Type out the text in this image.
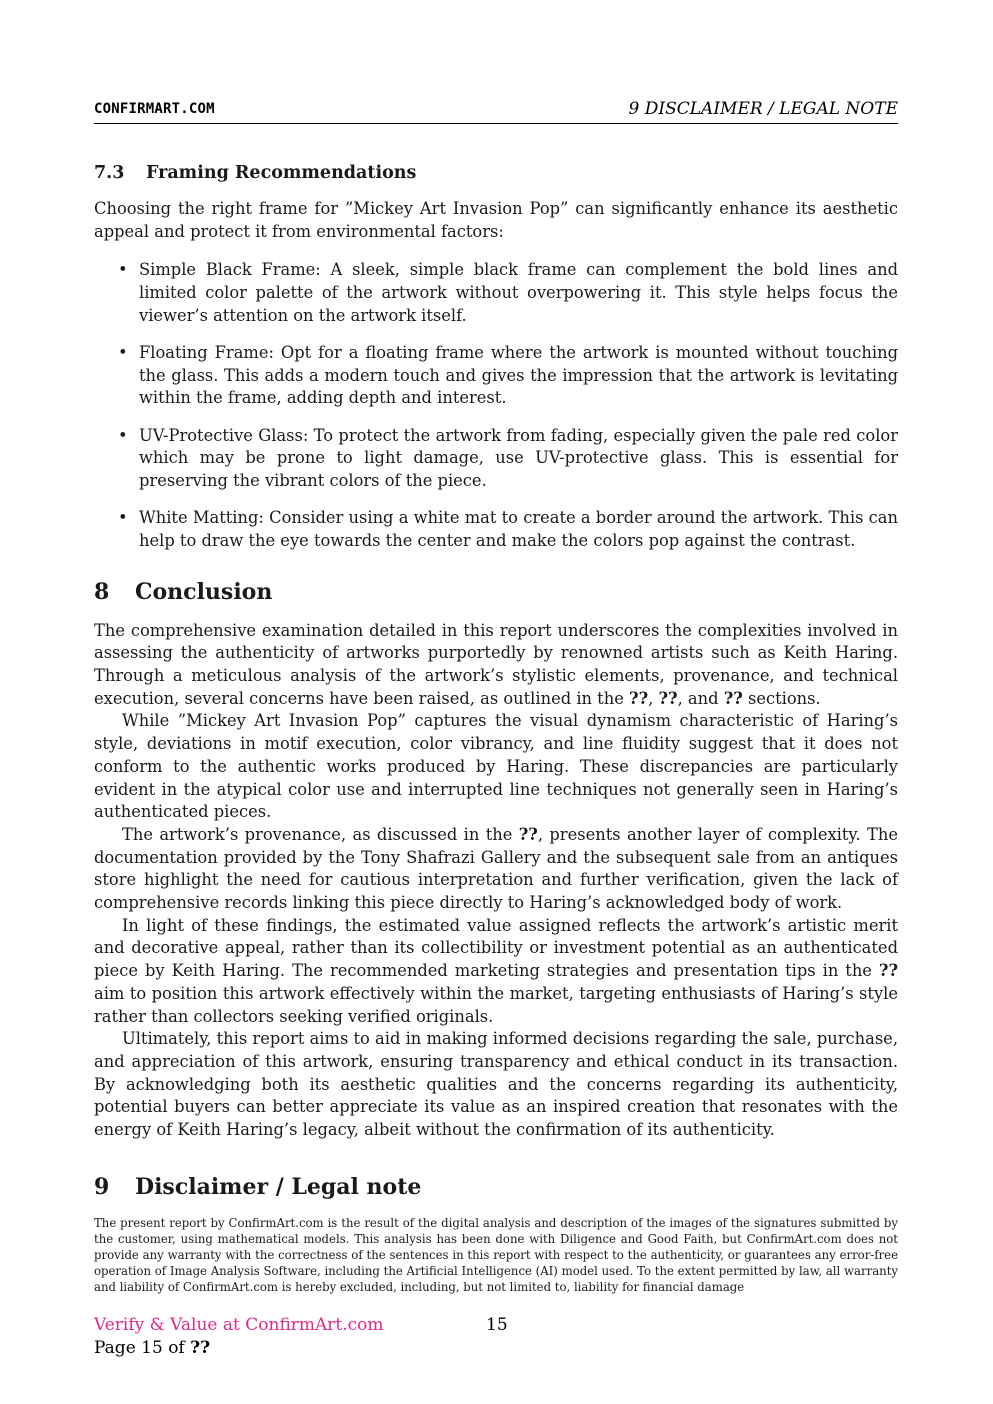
CONFIRMART.COM	9 DISCLAIMER / LEGAL NOTE
7.3 Framing Recommendations

Choosing the right frame for ”Mickey Art Invasion Pop” can significantly enhance its aesthetic appeal and protect it from environmental factors:

• Simple Black Frame: A sleek, simple black frame can complement the bold lines and limited color palette of the artwork without overpowering it. This style helps focus the viewer’s attention on the artwork itself.
• Floating Frame: Opt for a floating frame where the artwork is mounted without touching the glass. This adds a modern touch and gives the impression that the artwork is levitating within the frame, adding depth and interest.
• UV-Protective Glass: To protect the artwork from fading, especially given the pale red color which may be prone to light damage, use UV-protective glass. This is essential for preserving the vibrant colors of the piece.
• White Matting: Consider using a white mat to create a border around the artwork. This can help to draw the eye towards the center and make the colors pop against the contrast.
8 Conclusion

The comprehensive examination detailed in this report underscores the complexities involved in assessing the authenticity of artworks purportedly by renowned artists such as Keith Haring. Through a meticulous analysis of the artwork’s stylistic elements, provenance, and technical execution, several concerns have been raised, as outlined in the ??, ??, and ?? sections.

While ”Mickey Art Invasion Pop” captures the visual dynamism characteristic of Haring’s style, deviations in motif execution, color vibrancy, and line fluidity suggest that it does not conform to the authentic works produced by Haring. These discrepancies are particularly evident in the atypical color use and interrupted line techniques not generally seen in Haring’s authenticated pieces.

The artwork’s provenance, as discussed in the ??, presents another layer of complexity. The documentation provided by the Tony Shafrazi Gallery and the subsequent sale from an antiques store highlight the need for cautious interpretation and further verification, given the lack of comprehensive records linking this piece directly to Haring’s acknowledged body of work.

In light of these findings, the estimated value assigned reflects the artwork’s artistic merit and decorative appeal, rather than its collectibility or investment potential as an authenticated piece by Keith Haring. The recommended marketing strategies and presentation tips in the ?? aim to position this artwork effectively within the market, targeting enthusiasts of Haring’s style rather than collectors seeking verified originals.

Ultimately, this report aims to aid in making informed decisions regarding the sale, purchase, and appreciation of this artwork, ensuring transparency and ethical conduct in its transaction. By acknowledging both its aesthetic qualities and the concerns regarding its authenticity, potential buyers can better appreciate its value as an inspired creation that resonates with the energy of Keith Haring’s legacy, albeit without the confirmation of its authenticity.

9 Disclaimer / Legal note

The present report by ConfirmArt.com is the result of the digital analysis and description of the images of the signatures submitted by the customer, using mathematical models. This analysis has been done with Diligence and Good Faith, but ConfirmArt.com does not provide any warranty with the correctness of the sentences in this report with respect to the authenticity, or guarantees any error-free operation of Image Analysis Software, including the Artificial Intelligence (AI) model used. To the extent permitted by law, all warranty and liability of ConfirmArt.com is hereby excluded, including, but not limited to, liability for financial damage

Verify & Value at ConfirmArt.com	15
Page 15 of ??
